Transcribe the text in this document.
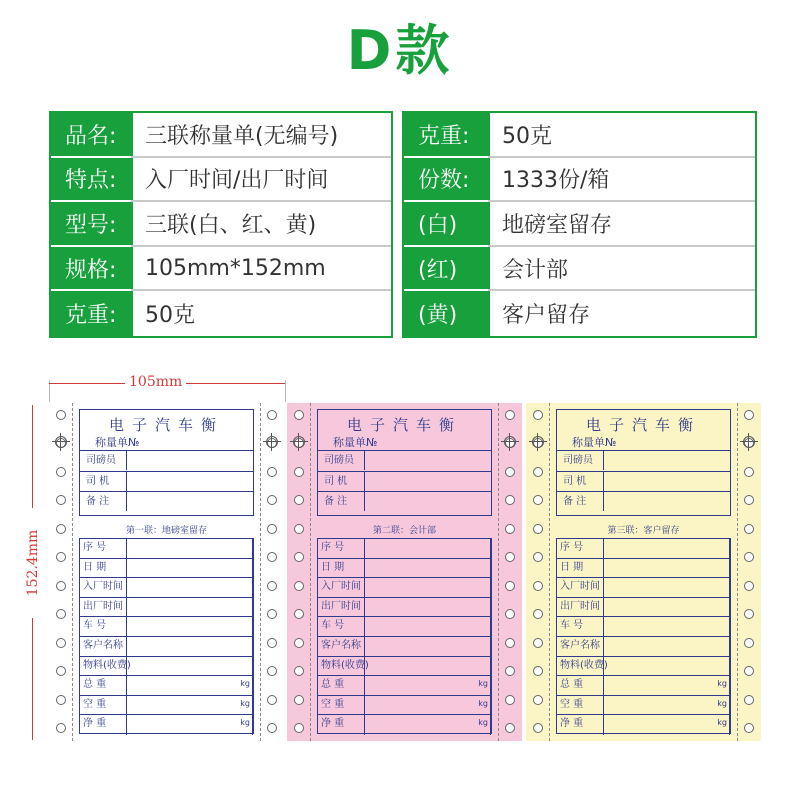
D款
品名:	三联称量单(无编号)
特点:	入厂时间/出厂时间
型号:	三联(白、红、黄)
规格:	105mm*152mm
克重:	50克
克重:	50克
份数:	1333份/箱
(白)	地磅室留存
(红)	会计部
(黄)	客户留存
105mm
152.4mm
电子汽车衡
称量单№
司磅员
司 机
备 注
第一联：地磅室留存
序 号
日 期
入厂时间
出厂时间
车 号
客户名称
物料(收费)
总 重	kg
空 重	kg
净 重	kg
电子汽车衡
称量单№
司磅员
司 机
备 注
第二联：会计部
序 号
日 期
入厂时间
出厂时间
车 号
客户名称
物料(收费)
总 重	kg
空 重	kg
净 重	kg
电子汽车衡
称量单№
司磅员
司 机
备 注
第三联：客户留存
序 号
日 期
入厂时间
出厂时间
车 号
客户名称
物料(收费)
总 重	kg
空 重	kg
净 重	kg
